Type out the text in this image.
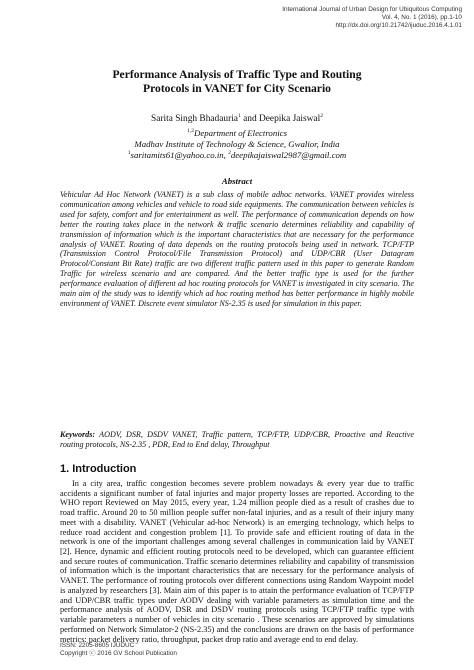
International Journal of Urban Design for Ubiquitous Computing
Vol. 4, No. 1 (2016), pp.1-10
http://dx.doi.org/10.21742/ijuduc.2016.4.1.01
Performance Analysis of Traffic Type and Routing
Protocols in VANET for City Scenario
Sarita Singh Bhadauria$^1$ and Deepika Jaiswal$^2$
$^{1,2}$Department of Electronics
Madhav Institute of Technology & Science, Gwalior, India
$^1$saritamits61@yahoo.co.in, $^2$deepikajaiswal2987@gmail.com
Abstract

Vehicular Ad Hoc Network (VANET) is a sub class of mobile adhoc networks. VANET provides wireless communication among vehicles and vehicle to road side equipments. The communication between vehicles is used for safety, comfort and for entertainment as well. The performance of communication depends on how better the routing takes place in the network & traffic scenario determines reliability and capability of transmission of information which is the important characteristics that are necessary for the performance analysis of VANET. Routing of data depends on the routing protocols being used in network. TCP/FTP (Transmission Control Protocol/File Transmission Protocol) and UDP/CBR (User Datagram Protocol/Constant Bit Rate) traffic are two different traffic pattern used in this paper to generate Random Traffic for wireless scenario and are compared. And the better traffic type is used for the further performance evaluation of different ad hoc routing protocols for VANET is investigated in city scenario. The main aim of the study was to identify which ad hoc routing method has better performance in highly mobile environment of VANET. Discrete event simulator NS-2.35 is used for simulation in this paper.

Keywords: AODV, DSR, DSDV VANET, Traffic pattern, TCP/FTP, UDP/CBR, Proactive and Reactive routing protocols, NS-2.35 , PDR, End to End delay, Throughput

1. Introduction

In a city area, traffic congestion becomes severe problem nowadays & every year due to traffic accidents a significant number of fatal injuries and major property losses are reported. According to the WHO report Reviewed on May 2015, every year, 1.24 million people died as a result of crashes due to road traffic. Around 20 to 50 million people suffer non-fatal injuries, and as a result of their injury many meet with a disability. VANET (Vehicular ad-hoc Network) is an emerging technology, which helps to reduce road accident and congestion problem [1]. To provide safe and efficient routing of data in the network is one of the important challenges among several challenges in communication laid by VANET [2]. Hence, dynamic and efficient routing protocols need to be developed, which can guarantee efficient and secure routes of communication. Traffic scenario determines reliability and capability of transmission of information which is the important characteristics that are necessary for the performance analysis of VANET. The performance of routing protocols over different connections using Random Waypoint model is analyzed by researchers [3]. Main aim of this paper is to attain the performance evaluation of TCP/FTP and UDP/CBR traffic types under AODV dealing with variable parameters as simulation time and the performance analysis of AODV, DSR and DSDV routing protocols using TCP/FTP traffic type with variable parameters a number of vehicles in city scenario . These scenarios are approved by simulations performed on Network Simulator-2 (NS-2.35) and the conclusions are drawn on the basis of performance metrics: packet delivery ratio, throughput, packet drop ratio and average end to end delay.

ISSN: 2205-8605 IJUDUC
Copyright ⓒ 2016 GV School Publication
